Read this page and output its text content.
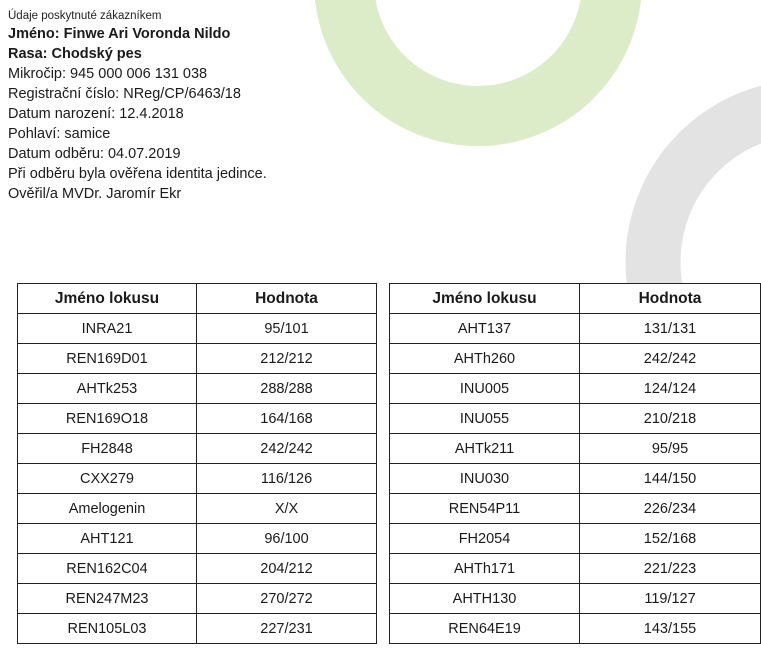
Údaje poskytnuté zákazníkem
Jméno: Finwe Ari Voronda Nildo
Rasa: Chodský pes
Mikročip: 945 000 006 131 038
Registrační číslo: NReg/CP/6463/18
Datum narození: 12.4.2018
Pohlaví: samice
Datum odběru: 04.07.2019
Při odběru byla ověřena identita jedince.
Ověřil/a MVDr. Jaromír Ekr
Jméno lokusu	Hodnota		Jméno lokusu	Hodnota
INRA21	95/101		AHT137	131/131
REN169D01	212/212		AHTh260	242/242
AHTk253	288/288		INU005	124/124
REN169O18	164/168		INU055	210/218
FH2848	242/242		AHTk211	95/95
CXX279	116/126		INU030	144/150
Amelogenin	X/X		REN54P11	226/234
AHT121	96/100		FH2054	152/168
REN162C04	204/212		AHTh171	221/223
REN247M23	270/272		AHTH130	119/127
REN105L03	227/231		REN64E19	143/155
